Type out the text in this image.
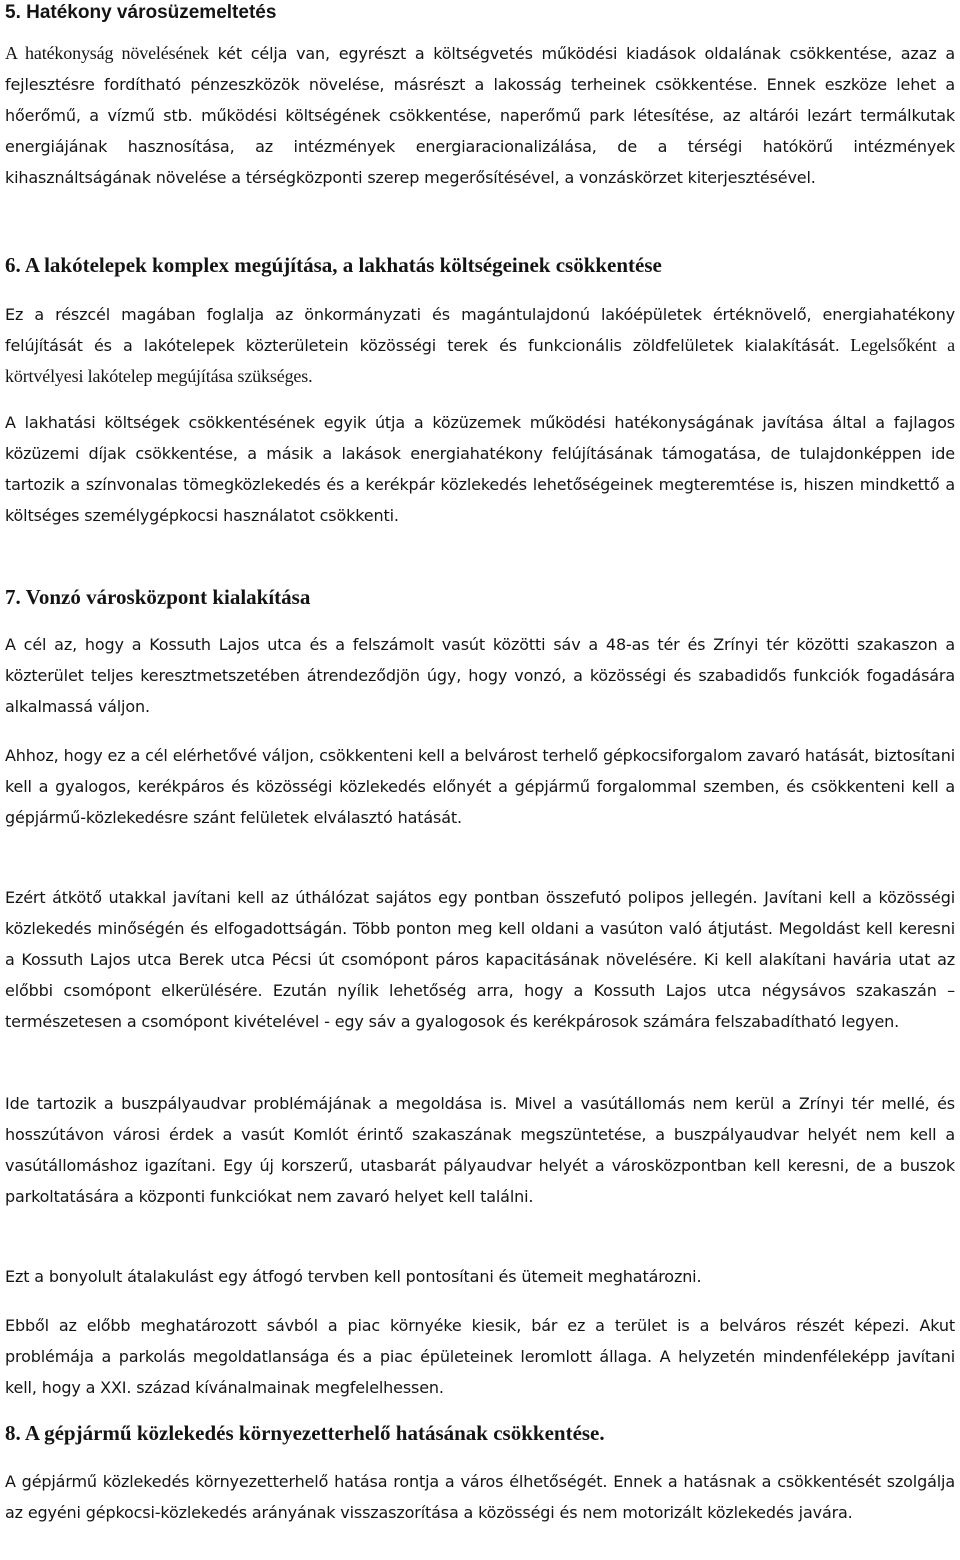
5. Hatékony városüzemeltetés

A hatékonyság növelésének két célja van, egyrészt a költségvetés működési kiadások oldalának csökkentése, azaz a fejlesztésre fordítható pénzeszközök növelése, másrészt a lakosság terheinek csökkentése. Ennek eszköze lehet a hőerőmű, a vízmű stb. működési költségének csökkentése, naperőmű park létesítése, az altárói lezárt termálkutak energiájának hasznosítása, az intézmények energiaracionalizálása, de a térségi hatókörű intézmények kihasználtságának növelése a térségközponti szerep megerősítésével, a vonzáskörzet kiterjesztésével.

6. A lakótelepek komplex megújítása, a lakhatás költségeinek csökkentése

Ez a részcél magában foglalja az önkormányzati és magántulajdonú lakóépületek értéknövelő, energiahatékony felújítását és a lakótelepek közterületein közösségi terek és funkcionális zöldfelületek kialakítását. Legelsőként a körtvélyesi lakótelep megújítása szükséges.

A lakhatási költségek csökkentésének egyik útja a közüzemek működési hatékonyságának javítása által a fajlagos közüzemi díjak csökkentése, a másik a lakások energiahatékony felújításának támogatása, de tulajdonképpen ide tartozik a színvonalas tömegközlekedés és a kerékpár közlekedés lehetőségeinek megteremtése is, hiszen mindkettő a költséges személygépkocsi használatot csökkenti.

7. Vonzó városközpont kialakítása

A cél az, hogy a Kossuth Lajos utca és a felszámolt vasút közötti sáv a 48-as tér és Zrínyi tér közötti szakaszon a közterület teljes keresztmetszetében átrendeződjön úgy, hogy vonzó, a közösségi és szabadidős funkciók fogadására alkalmassá váljon.

Ahhoz, hogy ez a cél elérhetővé váljon, csökkenteni kell a belvárost terhelő gépkocsiforgalom zavaró hatását, biztosítani kell a gyalogos, kerékpáros és közösségi közlekedés előnyét a gépjármű forgalommal szemben, és csökkenteni kell a gépjármű-közlekedésre szánt felületek elválasztó hatását.

Ezért átkötő utakkal javítani kell az úthálózat sajátos egy pontban összefutó polipos jellegén. Javítani kell a közösségi közlekedés minőségén és elfogadottságán. Több ponton meg kell oldani a vasúton való átjutást. Megoldást kell keresni a Kossuth Lajos utca Berek utca Pécsi út csomópont páros kapacitásának növelésére. Ki kell alakítani havária utat az előbbi csomópont elkerülésére. Ezután nyílik lehetőség arra, hogy a Kossuth Lajos utca négysávos szakaszán – természetesen a csomópont kivételével - egy sáv a gyalogosok és kerékpárosok számára felszabadítható legyen.

Ide tartozik a buszpályaudvar problémájának a megoldása is. Mivel a vasútállomás nem kerül a Zrínyi tér mellé, és hosszútávon városi érdek a vasút Komlót érintő szakaszának megszüntetése, a buszpályaudvar helyét nem kell a vasútállomáshoz igazítani. Egy új korszerű, utasbarát pályaudvar helyét a városközpontban kell keresni, de a buszok parkoltatására a központi funkciókat nem zavaró helyet kell találni.

Ezt a bonyolult átalakulást egy átfogó tervben kell pontosítani és ütemeit meghatározni.

Ebből az előbb meghatározott sávból a piac környéke kiesik, bár ez a terület is a belváros részét képezi. Akut problémája a parkolás megoldatlansága és a piac épületeinek leromlott állaga. A helyzetén mindenféleképp javítani kell, hogy a XXI. század kívánalmainak megfelelhessen.

8. A gépjármű közlekedés környezetterhelő hatásának csökkentése.

A gépjármű közlekedés környezetterhelő hatása rontja a város élhetőségét. Ennek a hatásnak a csökkentését szolgálja az egyéni gépkocsi-közlekedés arányának visszaszorítása a közösségi és nem motorizált közlekedés javára.
